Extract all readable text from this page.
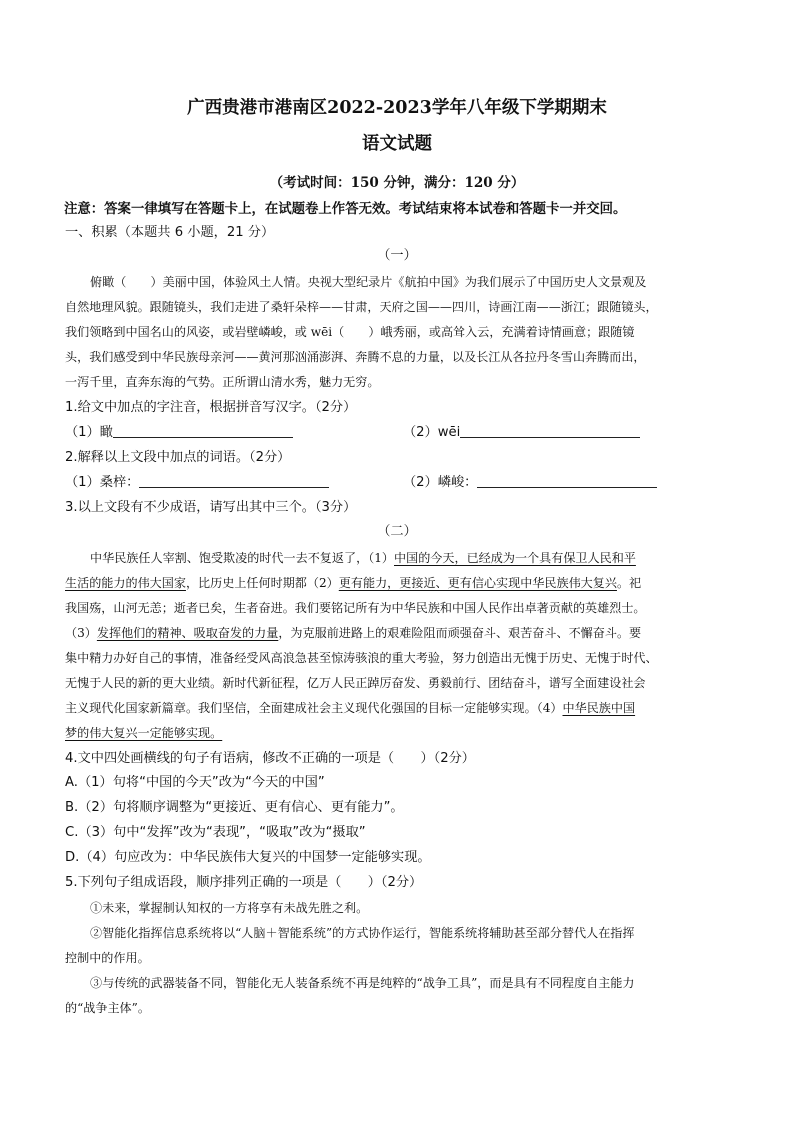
广西贵港市港南区2022-2023学年八年级下学期期末
语文试题
（考试时间：150 分钟，满分：120 分）
注意：答案一律填写在答题卡上，在试题卷上作答无效。考试结束将本试卷和答题卡一并交回。
一、积累（本题共 6 小题，21 分）
（一）
俯瞰（　　）美丽中国，体验风土人情。央视大型纪录片《航拍中国》为我们展示了中国历史人文景观及
自然地理风貌。跟随镜头，我们走进了桑轩朵梓——甘肃，天府之国——四川，诗画江南——浙江；跟随镜头，
我们领略到中国名山的风姿，或岩壁嶙峻，或 wēi（　　）峨秀丽，或高耸入云，充满着诗情画意；跟随镜
头，我们感受到中华民族母亲河——黄河那汹涌澎湃、奔腾不息的力量，以及长江从各拉丹冬雪山奔腾而出，
一泻千里，直奔东海的气势。正所谓山清水秀，魅力无穷。
1.给文中加点的字注音，根据拼音写汉字。（2分）
（1）瞰	（2）wēi
2.解释以上文段中加点的词语。（2分）
（1）桑梓：	（2）嶙峻：
3.以上文段有不少成语，请写出其中三个。（3分）
（二）
中华民族任人宰割、饱受欺凌的时代一去不复返了，（1）中国的今天，已经成为一个具有保卫人民和平
生活的能力的伟大国家，比历史上任何时期都（2）更有能力，更接近、更有信心实现中华民族伟大复兴。祀
我国殇，山河无恙；逝者已矣，生者奋进。我们要铭记所有为中华民族和中国人民作出卓著贡献的英雄烈士。
（3）发挥他们的精神、吸取奋发的力量，为克服前进路上的艰难险阻而顽强奋斗、艰苦奋斗、不懈奋斗。要
集中精力办好自己的事情，准备经受风高浪急甚至惊涛骇浪的重大考验，努力创造出无愧于历史、无愧于时代、
无愧于人民的新的更大业绩。新时代新征程，亿万人民正踔厉奋发、勇毅前行、团结奋斗，谱写全面建设社会
主义现代化国家新篇章。我们坚信，全面建成社会主义现代化强国的目标一定能够实现。（4）中华民族中国
梦的伟大复兴一定能够实现。
4.文中四处画横线的句子有语病，修改不正确的一项是（　　）（2分）
A.（1）句将“中国的今天”改为“今天的中国”
B.（2）句将顺序调整为“更接近、更有信心、更有能力”。
C.（3）句中“发挥”改为“表现”，“吸取”改为“摄取”
D.（4）句应改为：中华民族伟大复兴的中国梦一定能够实现。
5.下列句子组成语段，顺序排列正确的一项是（　　）（2分）
①未来，掌握制认知权的一方将享有未战先胜之利。
②智能化指挥信息系统将以“人脑＋智能系统”的方式协作运行，智能系统将辅助甚至部分替代人在指挥
控制中的作用。
③与传统的武器装备不同，智能化无人装备系统不再是纯粹的“战争工具”，而是具有不同程度自主能力
的“战争主体”。
